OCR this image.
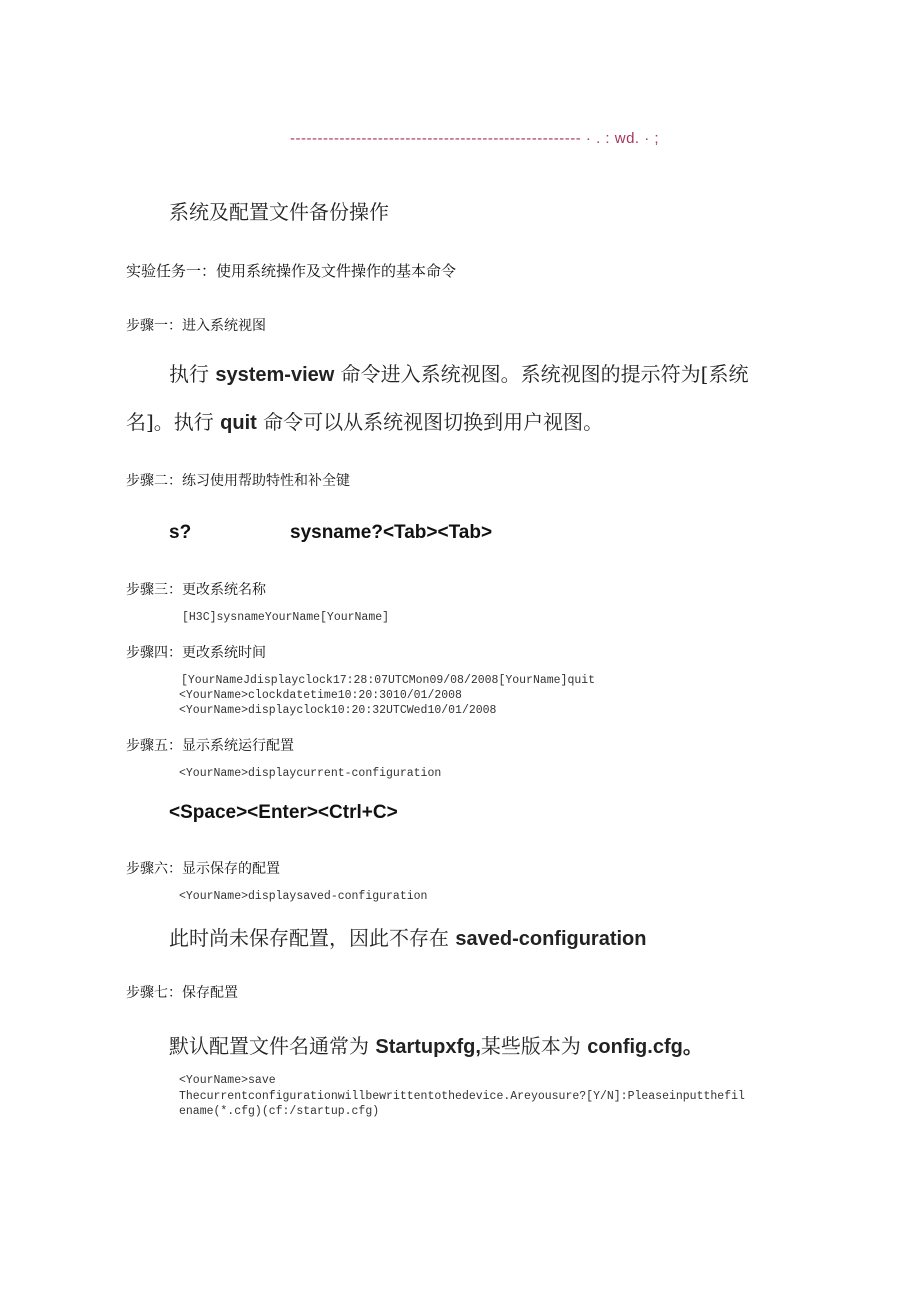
----------------------------------------------------- · . : wd. · ;
系统及配置文件备份操作
实验任务一：使用系统操作及文件操作的基本命令
步骤一：进入系统视图
执行 system-view 命令进入系统视图。系统视图的提示符为[系统
名]。执行 quit 命令可以从系统视图切换到用户视图。
步骤二：练习使用帮助特性和补全键
s?	sysname?<Tab><Tab>
步骤三：更改系统名称
[H3C]sysnameYourName[YourName]
步骤四：更改系统时间
[YourNameJdisplayclock17:28:07UTCMon09/08/2008[YourName]quit
<YourName>clockdatetime10:20:3010/01/2008
<YourName>displayclock10:20:32UTCWed10/01/2008
步骤五：显示系统运行配置
<YourName>displaycurrent-configuration
<Space><Enter><Ctrl+C>
步骤六：显示保存的配置
<YourName>displaysaved-configuration
此时尚未保存配置，因此不存在 saved-configuration
步骤七：保存配置
默认配置文件名通常为 Startupxfg,某些版本为 config.cfg。
<YourName>save
Thecurrentconfigurationwillbewrittentothedevice.Areyousure?[Y/N]:Pleaseinputthefil
ename(*.cfg)(cf:/startup.cfg)
